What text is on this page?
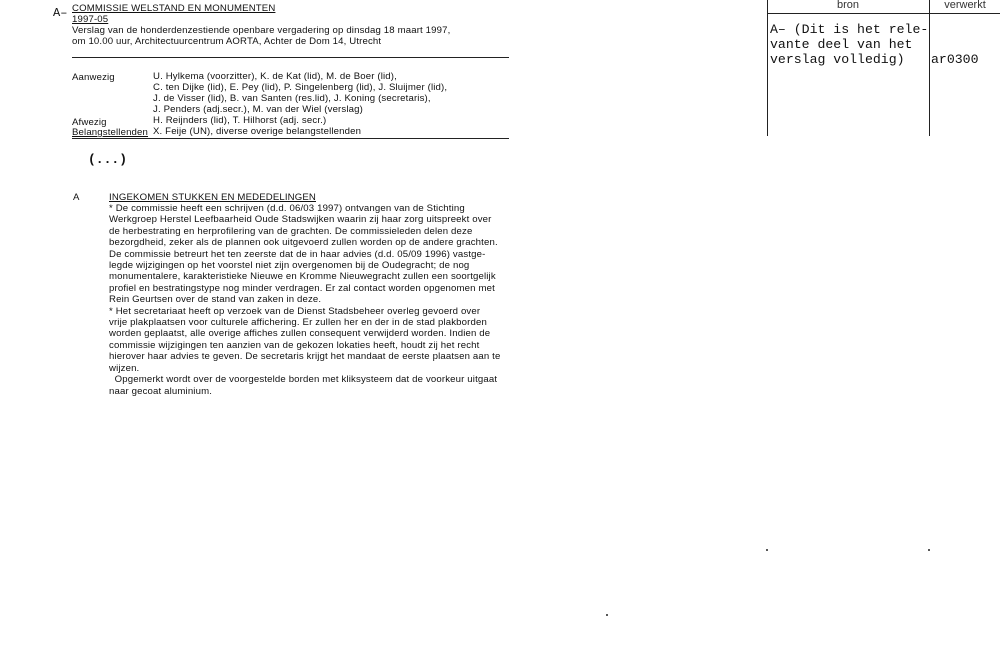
A– COMMISSIE WELSTAND EN MONUMENTEN
1997-05
Verslag van de honderdenzestiende openbare vergadering op dinsdag 18 maart 1997,
om 10.00 uur, Architectuurcentrum AORTA, Achter de Dom 14, Utrecht
Aanwezig	U. Hylkema (voorzitter), K. de Kat (lid), M. de Boer (lid),
C. ten Dijke (lid), E. Pey (lid), P. Singelenberg (lid), J. Sluijmer (lid),
J. de Visser (lid), B. van Santen (res.lid), J. Koning (secretaris),
J. Penders (adj.secr.), M. van der Wiel (verslag)
Afwezig	H. Reijnders (lid), T. Hilhorst (adj. secr.)
Belangstellenden X. Feije (UN), diverse overige belangstellenden
(...)
A	INGEKOMEN STUKKEN EN MEDEDELINGEN
* De commissie heeft een schrijven (d.d. 06/03 1997) ontvangen van de Stichting
Werkgroep Herstel Leefbaarheid Oude Stadswijken waarin zij haar zorg uitspreekt over
de herbestrating en herprofilering van de grachten. De commissieleden delen deze
bezorgdheid, zeker als de plannen ook uitgevoerd zullen worden op de andere grachten.
De commissie betreurt het ten zeerste dat de in haar advies (d.d. 05/09 1996) vastge-
legde wijzigingen op het voorstel niet zijn overgenomen bij de Oudegracht; de nog
monumentalere, karakteristieke Nieuwe en Kromme Nieuwegracht zullen een soortgelijk
profiel en bestratingstype nog minder verdragen. Er zal contact worden opgenomen met
Rein Geurtsen over de stand van zaken in deze.
* Het secretariaat heeft op verzoek van de Dienst Stadsbeheer overleg gevoerd over
vrije plakplaatsen voor culturele affichering. Er zullen her en der in de stad plakborden
worden geplaatst, alle overige affiches zullen consequent verwijderd worden. Indien de
commissie wijzigingen ten aanzien van de gekozen lokaties heeft, houdt zij het recht
hierover haar advies te geven. De secretaris krijgt het mandaat de eerste plaatsen aan te
wijzen.
Opgemerkt wordt over de voorgestelde borden met kliksysteem dat de voorkeur uitgaat
naar gecoat aluminium.
bron	verwerkt
A– (Dit is het rele-
vante deel van het
verslag volledig)	ar0300
